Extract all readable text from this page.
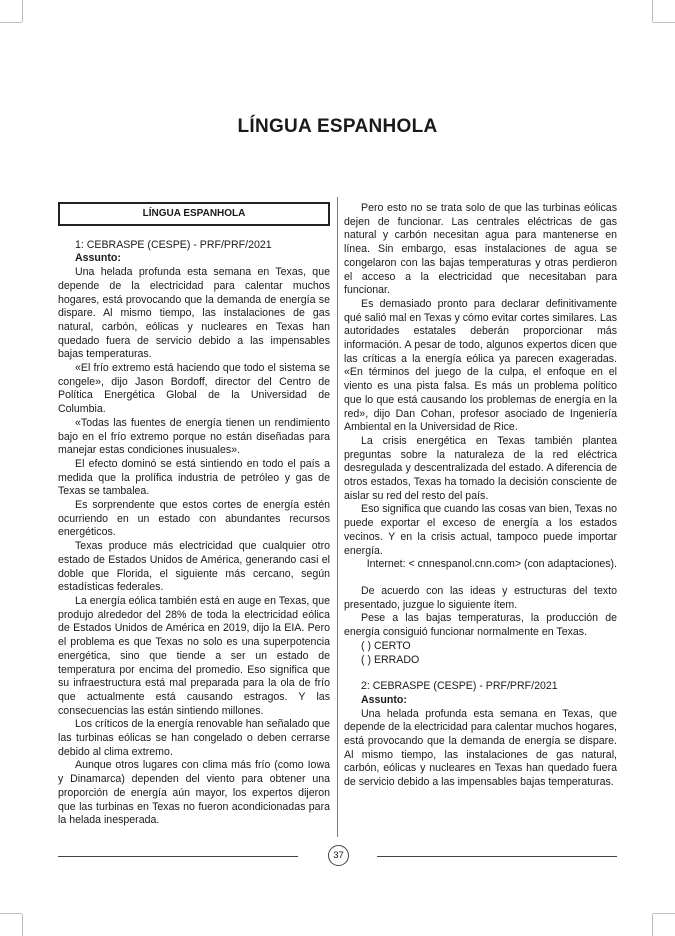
LÍNGUA ESPANHOLA
LÍNGUA ESPANHOLA

1: CEBRASPE (CESPE) - PRF/PRF/2021

Assunto:

Una helada profunda esta semana en Texas, que depende de la electricidad para calentar muchos hogares, está provocando que la demanda de energía se dispare. Al mismo tiempo, las instalaciones de gas natural, carbón, eólicas y nucleares en Texas han quedado fuera de servicio debido a las impensables bajas temperaturas.

«El frío extremo está haciendo que todo el sistema se congele», dijo Jason Bordoff, director del Centro de Política Energética Global de la Universidad de Columbia.

«Todas las fuentes de energía tienen un rendimiento bajo en el frío extremo porque no están diseñadas para manejar estas condiciones inusuales».

El efecto dominó se está sintiendo en todo el país a medida que la prolífica industria de petróleo y gas de Texas se tambalea.

Es sorprendente que estos cortes de energía estén ocurriendo en un estado con abundantes recursos energéticos.

Texas produce más electricidad que cualquier otro estado de Estados Unidos de América, generando casi el doble que Florida, el siguiente más cercano, según estadísticas federales.

La energía eólica también está en auge en Texas, que produjo alrededor del 28% de toda la electricidad eólica de Estados Unidos de América en 2019, dijo la EIA. Pero el problema es que Texas no solo es una superpotencia energética, sino que tiende a ser un estado de temperatura por encima del promedio. Eso significa que su infraestructura está mal preparada para la ola de frío que actualmente está causando estragos. Y las consecuencias las están sintiendo millones.

Los críticos de la energía renovable han señalado que las turbinas eólicas se han congelado o deben cerrarse debido al clima extremo.

Aunque otros lugares con clima más frío (como Iowa y Dinamarca) dependen del viento para obtener una proporción de energía aún mayor, los expertos dijeron que las turbinas en Texas no fueron acondicionadas para la helada inesperada.

Pero esto no se trata solo de que las turbinas eólicas dejen de funcionar. Las centrales eléctricas de gas natural y carbón necesitan agua para mantenerse en línea. Sin embargo, esas instalaciones de agua se congelaron con las bajas temperaturas y otras perdieron el acceso a la electricidad que necesitaban para funcionar.

Es demasiado pronto para declarar definitivamente qué salió mal en Texas y cómo evitar cortes similares. Las autoridades estatales deberán proporcionar más información. A pesar de todo, algunos expertos dicen que las críticas a la energía eólica ya parecen exageradas. «En términos del juego de la culpa, el enfoque en el viento es una pista falsa. Es más un problema político que lo que está causando los problemas de energía en la red», dijo Dan Cohan, profesor asociado de Ingeniería Ambiental en la Universidad de Rice.

La crisis energética en Texas también plantea preguntas sobre la naturaleza de la red eléctrica desregulada y descentralizada del estado. A diferencia de otros estados, Texas ha tomado la decisión consciente de aislar su red del resto del país.

Eso significa que cuando las cosas van bien, Texas no puede exportar el exceso de energía a los estados vecinos. Y en la crisis actual, tampoco puede importar energía.

Internet: < cnnespanol.cnn.com> (con adaptaciones).

De acuerdo con las ideas y estructuras del texto presentado, juzgue lo siguiente ítem.

Pese a las bajas temperaturas, la producción de energía consiguió funcionar normalmente en Texas.

( ) CERTO

( ) ERRADO

2: CEBRASPE (CESPE) - PRF/PRF/2021

Assunto:

Una helada profunda esta semana en Texas, que depende de la electricidad para calentar muchos hogares, está provocando que la demanda de energía se dispare. Al mismo tiempo, las instalaciones de gas natural, carbón, eólicas y nucleares en Texas han quedado fuera de servicio debido a las impensables bajas temperaturas.

37
